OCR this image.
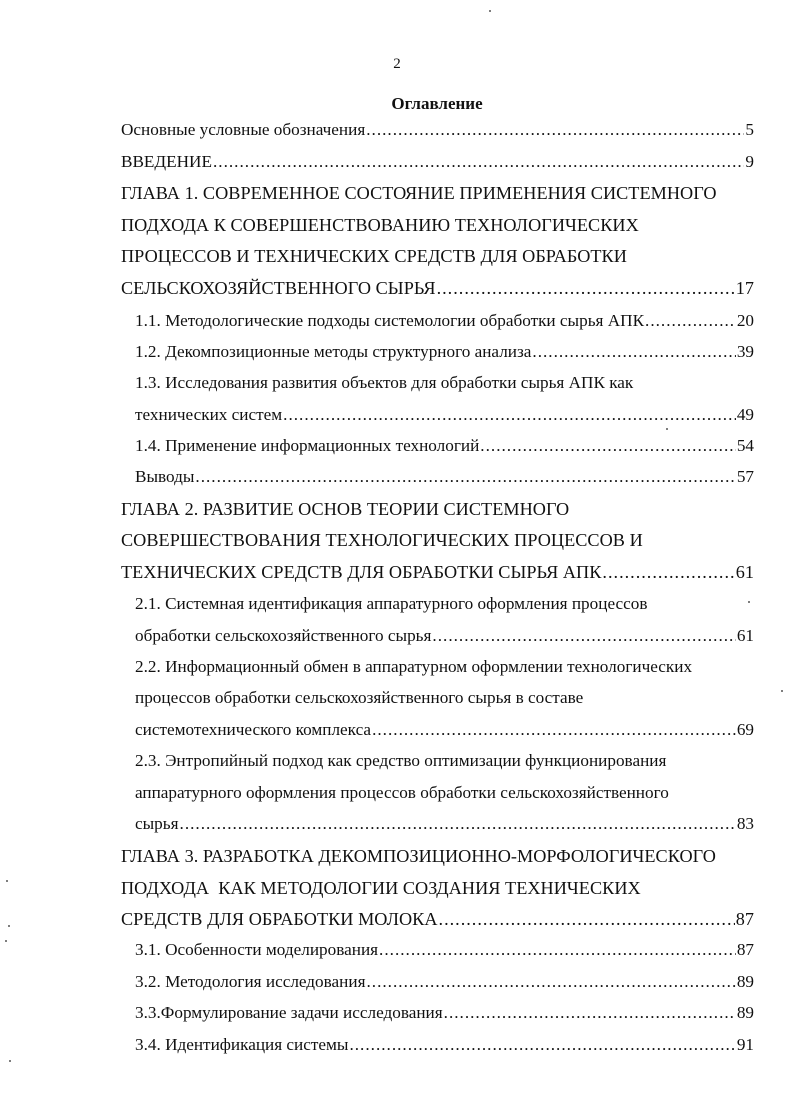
2
Оглавление
Основные условные обозначения .....	5
ВВЕДЕНИЕ .....	9
ГЛАВА 1. СОВРЕМЕННОЕ СОСТОЯНИЕ ПРИМЕНЕНИЯ СИСТЕМНОГО
ПОДХОДА К СОВЕРШЕНСТВОВАНИЮ ТЕХНОЛОГИЧЕСКИХ
ПРОЦЕССОВ И ТЕХНИЧЕСКИХ СРЕДСТВ ДЛЯ ОБРАБОТКИ
СЕЛЬСКОХОЗЯЙСТВЕННОГО СЫРЬЯ .....	17
1.1. Методологические подходы системологии обработки сырья АПК .....	20
1.2. Декомпозиционные методы структурного анализа .....	39
1.3. Исследования развития объектов для обработки сырья АПК как
технических систем .....	49
1.4. Применение информационных технологий .....	54
Выводы .....	57
ГЛАВА 2. РАЗВИТИЕ ОСНОВ ТЕОРИИ СИСТЕМНОГО
СОВЕРШЕСТВОВАНИЯ ТЕХНОЛОГИЧЕСКИХ ПРОЦЕССОВ И
ТЕХНИЧЕСКИХ СРЕДСТВ ДЛЯ ОБРАБОТКИ СЫРЬЯ АПК .....	61
2.1. Системная идентификация аппаратурного оформления процессов
обработки сельскохозяйственного сырья .....	61
2.2. Информационный обмен в аппаратурном оформлении технологических
процессов обработки сельскохозяйственного сырья в составе
системотехнического комплекса .....	69
2.3. Энтропийный подход как средство оптимизации функционирования
аппаратурного оформления процессов обработки сельскохозяйственного
сырья .....	83
ГЛАВА 3. РАЗРАБОТКА ДЕКОМПОЗИЦИОННО-МОРФОЛОГИЧЕСКОГО
ПОДХОДА  КАК МЕТОДОЛОГИИ СОЗДАНИЯ ТЕХНИЧЕСКИХ
СРЕДСТВ ДЛЯ ОБРАБОТКИ МОЛОКА .....	87
3.1. Особенности моделирования .....	87
3.2. Методология исследования .....	89
3.3. Формулирование задачи исследования .....	89
3.4. Идентификация системы .....	91
